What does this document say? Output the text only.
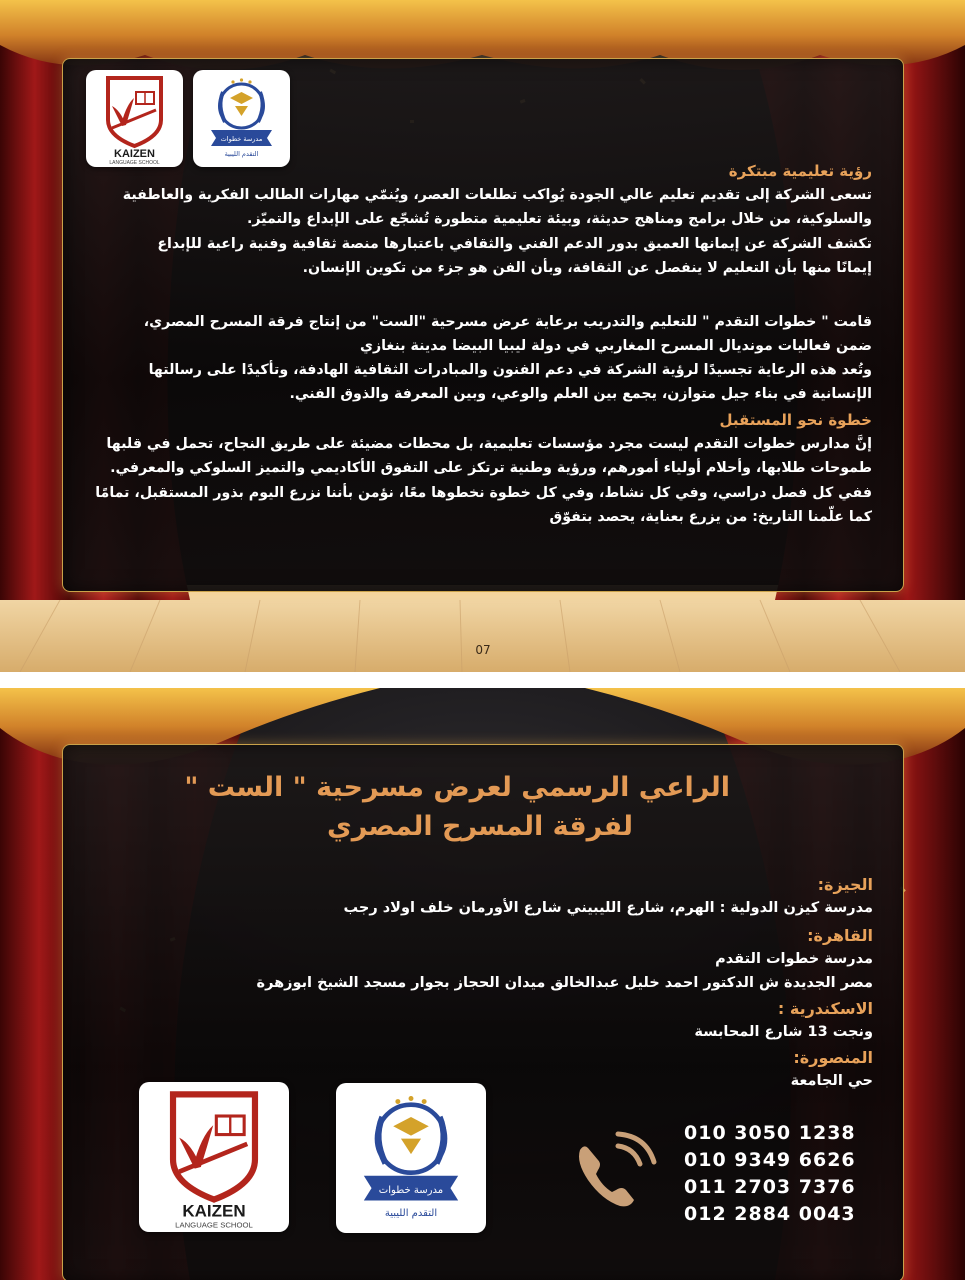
KAIZEN
LANGUAGE SCHOOL
مدرسة خطوات
التقدم الليبية
رؤية تعليمية مبتكرة
تسعى الشركة إلى تقديم تعليم عالي الجودة يُواكب تطلعات العصر، ويُنمّي مهارات الطالب الفكرية والعاطفية
والسلوكية، من خلال برامج ومناهج حديثة، وبيئة تعليمية متطورة تُشجّع على الإبداع والتميّز.
تكشف الشركة عن إيمانها العميق بدور الدعم الفني والثقافي باعتبارها منصة ثقافية وفنية راعية للإبداع
إيمانًا منها بأن التعليم لا ينفصل عن الثقافة، وبأن الفن هو جزء من تكوين الإنسان.
قامت " خطوات التقدم " للتعليم والتدريب برعاية عرض مسرحية "الست" من إنتاج فرقة المسرح المصري،
ضمن فعاليات مونديال المسرح المغاربي في دولة ليبيا البيضا مدينة بنغازي
وتُعد هذه الرعاية تجسيدًا لرؤية الشركة في دعم الفنون والمبادرات الثقافية الهادفة، وتأكيدًا على رسالتها
الإنسانية في بناء جيل متوازن، يجمع بين العلم والوعي، وبين المعرفة والذوق الفني.
خطوة نحو المستقبل
إنَّ مدارس خطوات التقدم ليست مجرد مؤسسات تعليمية، بل محطات مضيئة على طريق النجاح، تحمل في قلبها
طموحات طلابها، وأحلام أولياء أمورهم، ورؤية وطنية ترتكز على التفوق الأكاديمي والتميز السلوكي والمعرفي.
ففي كل فصل دراسي، وفي كل نشاط، وفي كل خطوة نخطوها معًا، نؤمن بأننا نزرع اليوم بذور المستقبل، تمامًا
كما علّمنا التاريخ: من يزرع بعناية، يحصد بتفوّق
07
الراعي الرسمي لعرض مسرحية " الست "
لفرقة المسرح المصري
الجيزة:
مدرسة كيزن الدولية : الهرم، شارع الليبيني شارع الأورمان خلف اولاد رجب
القاهرة:
مدرسة خطوات التقدم
مصر الجديدة ش الدكتور احمد خليل عبدالخالق ميدان الحجاز بجوار مسجد الشيخ ابوزهرة
الاسكندرية :
ونجت 13 شارع المحابسة
المنصورة:
حي الجامعة
010 3050 1238
010 9349 6626
011 2703 7376
012 2884 0043
KAIZEN
LANGUAGE SCHOOL
مدرسة خطوات
التقدم الليبية
